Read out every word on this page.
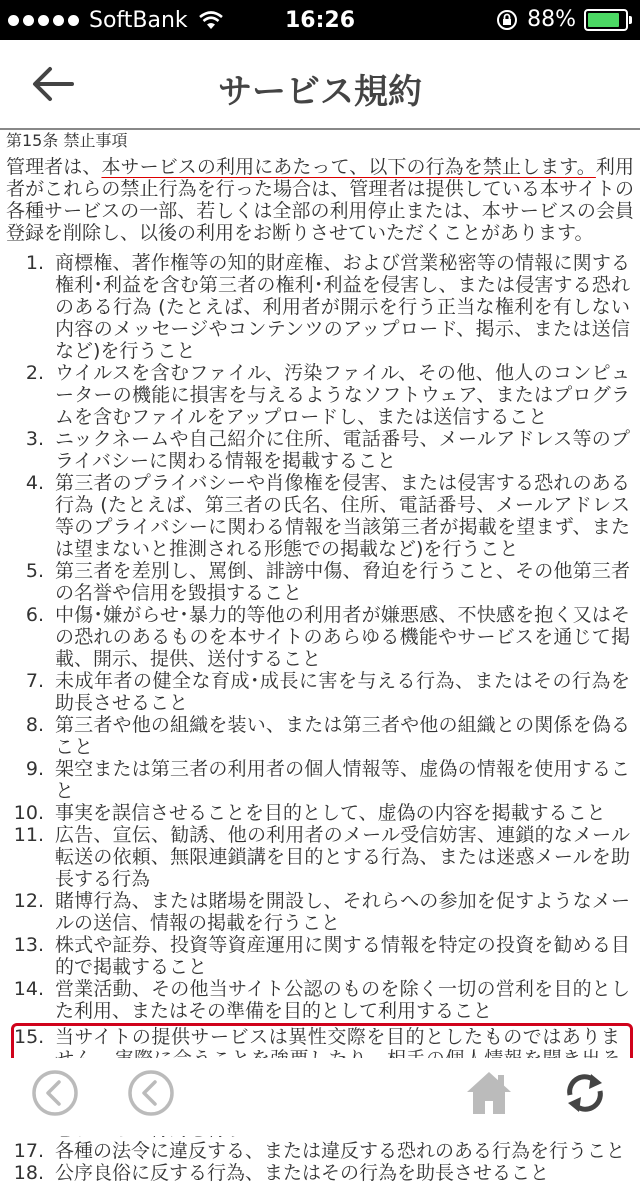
SoftBank	16:26	88%
サービス規約
第15条 禁止事項
管理者は、本サービスの利用にあたって、以下の行為を禁止します。利用者がこれらの禁止行為を行った場合は、管理者は提供している本サイトの各種サービスの一部、若しくは全部の利用停止または、本サービスの会員登録を削除し、以後の利用をお断りさせていただくことがあります。
1. 商標権、著作権等の知的財産権、および営業秘密等の情報に関する権利･利益を含む第三者の権利･利益を侵害し、または侵害する恐れのある行為 (たとえば、利用者が開示を行う正当な権利を有しない内容のメッセージやコンテンツのアップロード、掲示、または送信など)を行うこと
2. ウイルスを含むファイル、汚染ファイル、その他、他人のコンピューターの機能に損害を与えるようなソフトウェア、またはプログラムを含むファイルをアップロードし、または送信すること
3. ニックネームや自己紹介に住所、電話番号、メールアドレス等のプライバシーに関わる情報を掲載すること
4. 第三者のプライバシーや肖像権を侵害、または侵害する恐れのある行為 (たとえば、第三者の氏名、住所、電話番号、メールアドレス等のプライバシーに関わる情報を当該第三者が掲載を望まず、または望まないと推測される形態での掲載など)を行うこと
5. 第三者を差別し、罵倒、誹謗中傷、脅迫を行うこと、その他第三者の名誉や信用を毀損すること
6. 中傷･嫌がらせ･暴力的等他の利用者が嫌悪感、不快感を抱く又はその恐れのあるものを本サイトのあらゆる機能やサービスを通じて掲載、開示、提供、送付すること
7. 未成年者の健全な育成･成長に害を与える行為、またはその行為を助長させること
8. 第三者や他の組織を装い、または第三者や他の組織との関係を偽ること
9. 架空または第三者の利用者の個人情報等、虚偽の情報を使用すること
10. 事実を誤信させることを目的として、虚偽の内容を掲載すること
11. 広告、宣伝、勧誘、他の利用者のメール受信妨害、連鎖的なメール転送の依頼、無限連鎖講を目的とする行為、または迷惑メールを助長する行為
12. 賭博行為、または賭場を開設し、それらへの参加を促すようなメールの送信、情報の掲載を行うこと
13. 株式や証券、投資等資産運用に関する情報を特定の投資を勧める目的で掲載すること
14. 営業活動、その他当サイト公認のものを除く一切の営利を目的とした利用、またはその準備を目的として利用すること
15. 当サイトの提供サービスは異性交際を目的としたものではありま
17. 各種の法令に違反する、または違反する恐れのある行為を行うこと
18. 公序良俗に反する行為、またはその行為を助長させること
